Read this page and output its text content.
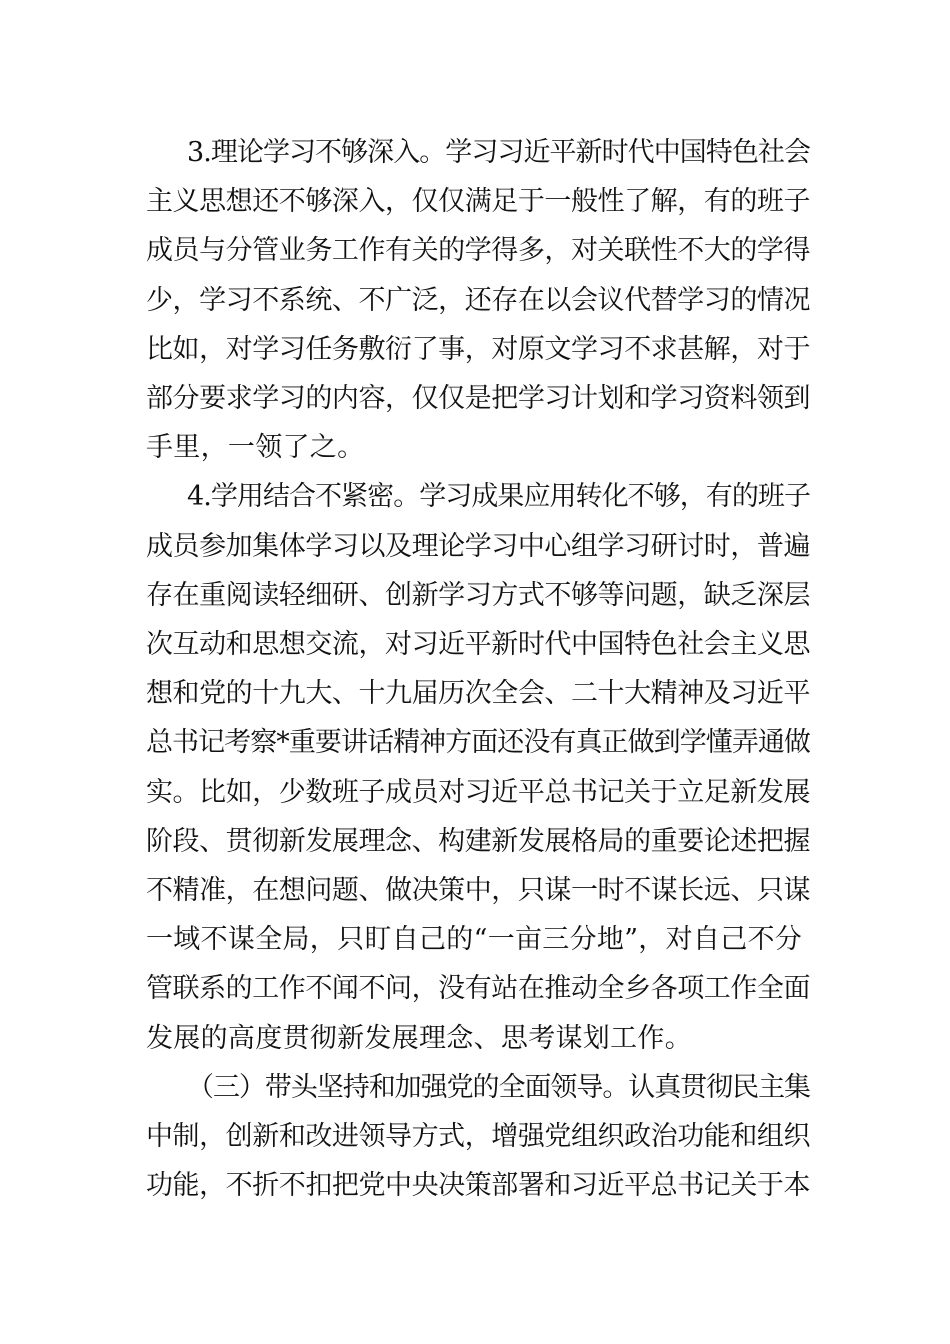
3.理论学习不够深入。学习习近平新时代中国特色社会
主义思想还不够深入，仅仅满足于一般性了解，有的班子
成员与分管业务工作有关的学得多，对关联性不大的学得
少，学习不系统、不广泛，还存在以会议代替学习的情况
比如，对学习任务敷衍了事，对原文学习不求甚解，对于
部分要求学习的内容，仅仅是把学习计划和学习资料领到
手里，一领了之。
4.学用结合不紧密。学习成果应用转化不够，有的班子
成员参加集体学习以及理论学习中心组学习研讨时，普遍
存在重阅读轻细研、创新学习方式不够等问题，缺乏深层
次互动和思想交流，对习近平新时代中国特色社会主义思
想和党的十九大、十九届历次全会、二十大精神及习近平
总书记考察*重要讲话精神方面还没有真正做到学懂弄通做
实。比如，少数班子成员对习近平总书记关于立足新发展
阶段、贯彻新发展理念、构建新发展格局的重要论述把握
不精准，在想问题、做决策中，只谋一时不谋长远、只谋
一域不谋全局，只盯自己的“一亩三分地”，对自己不分
管联系的工作不闻不问，没有站在推动全乡各项工作全面
发展的高度贯彻新发展理念、思考谋划工作。
（三）带头坚持和加强党的全面领导。认真贯彻民主集
中制，创新和改进领导方式，增强党组织政治功能和组织
功能，不折不扣把党中央决策部署和习近平总书记关于本
